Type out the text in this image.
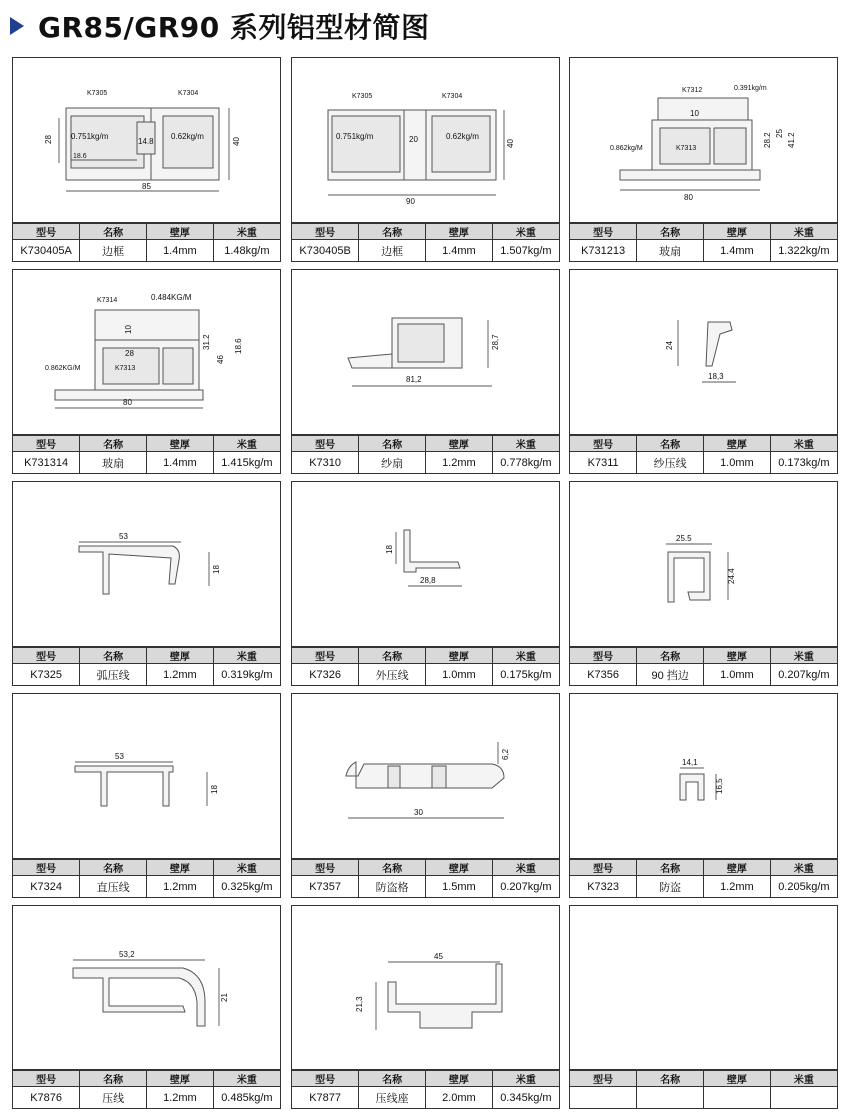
GR85/GR90 系列铝型材简图
K7305	K7304
0.751kg/m
14.8
0.62kg/m
28
18.6
85
40
型号	名称	壁厚	米重
K730405A	边框	1.4mm	1.48kg/m
K7305	K7304
0.751kg/m	20	0.62kg/m
90
40
型号	名称	壁厚	米重
K730405B	边框	1.4mm	1.507kg/m
K7312	0.391kg/m
10
0.862kg/M	K7313
28.2 25 41.2
80
型号	名称	壁厚	米重
K731213	玻扇	1.4mm	1.322kg/m
K7314	0.484KG/M
10
28
31.2
46
18.6
0.862KG/M	K7313
80
型号	名称	壁厚	米重
K731314	玻扇	1.4mm	1.415kg/m
28,7
81,2
型号	名称	壁厚	米重
K7310	纱扇	1.2mm	0.778kg/m
24
18,3
型号	名称	壁厚	米重
K7311	纱压线	1.0mm	0.173kg/m
53
18
型号	名称	壁厚	米重
K7325	弧压线	1.2mm	0.319kg/m
18
28,8
型号	名称	壁厚	米重
K7326	外压线	1.0mm	0.175kg/m
25.5
24.4
型号	名称	壁厚	米重
K7356	90 挡边	1.0mm	0.207kg/m
53
18
型号	名称	壁厚	米重
K7324	直压线	1.2mm	0.325kg/m
6,2
30
型号	名称	壁厚	米重
K7357	防盗格	1.5mm	0.207kg/m
14,1
16,5
型号	名称	壁厚	米重
K7323	防盗	1.2mm	0.205kg/m
53,2
21
型号	名称	壁厚	米重
K7876	压线	1.2mm	0.485kg/m
45
21,3
型号	名称	壁厚	米重
K7877	压线座	2.0mm	0.345kg/m
型号	名称	壁厚	米重
